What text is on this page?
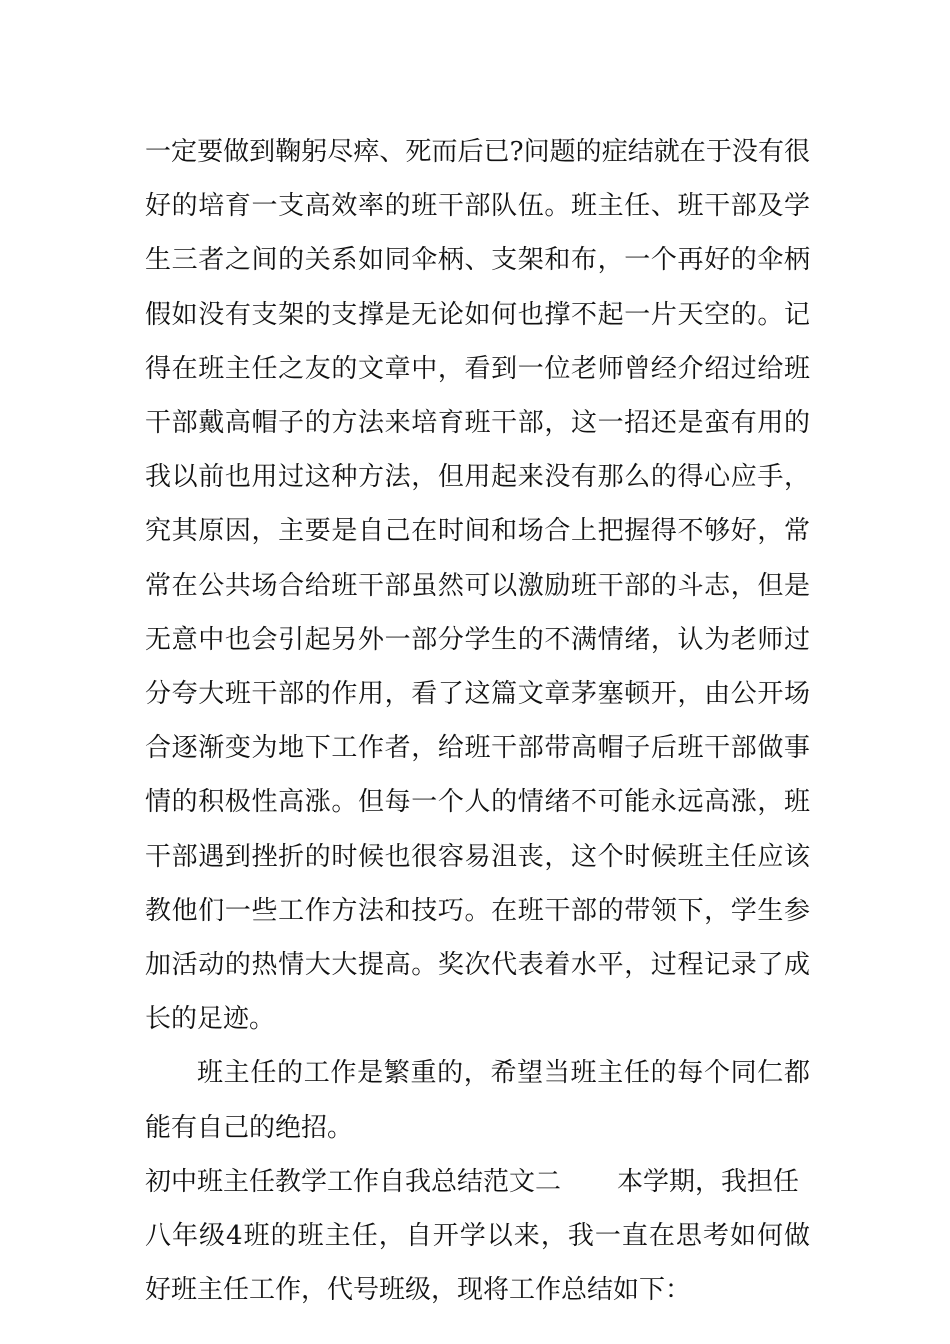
一定要做到鞠躬尽瘁、死而后已?问题的症结就在于没有很好的培育一支高效率的班干部队伍。班主任、班干部及学生三者之间的关系如同伞柄、支架和布，一个再好的伞柄假如没有支架的支撑是无论如何也撑不起一片天空的。记得在班主任之友的文章中，看到一位老师曾经介绍过给班干部戴高帽子的方法来培育班干部，这一招还是蛮有用的我以前也用过这种方法，但用起来没有那么的得心应手，究其原因，主要是自己在时间和场合上把握得不够好，常常在公共场合给班干部虽然可以激励班干部的斗志，但是无意中也会引起另外一部分学生的不满情绪，认为老师过分夸大班干部的作用，看了这篇文章茅塞顿开，由公开场合逐渐变为地下工作者，给班干部带高帽子后班干部做事情的积极性高涨。但每一个人的情绪不可能永远高涨，班干部遇到挫折的时候也很容易沮丧，这个时候班主任应该教他们一些工作方法和技巧。在班干部的带领下，学生参加活动的热情大大提高。奖次代表着水平，过程记录了成长的足迹。

班主任的工作是繁重的，希望当班主任的每个同仁都能有自己的绝招。

初中班主任教学工作自我总结范文二 本学期，我担任

八年级4班的班主任，自开学以来，我一直在思考如何做好班主任工作，代号班级，现将工作总结如下：
